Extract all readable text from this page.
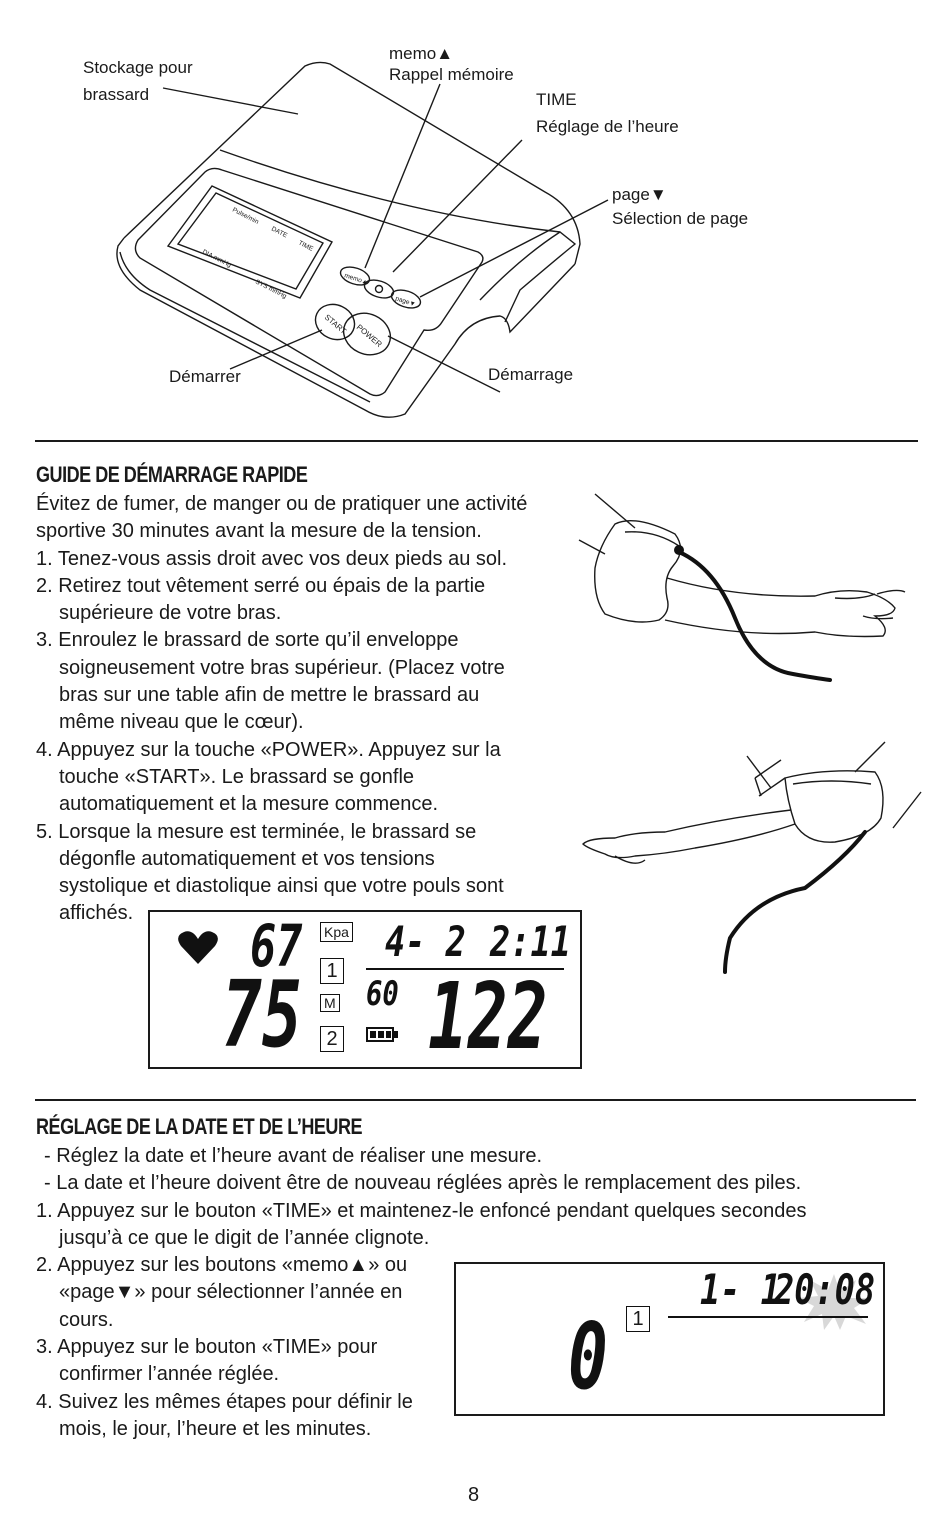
Pulse/min
DATE
TIME
DIA mmHg
SYS mmHg	memo▲
page▼
START POWER
Stockage pour
brassard
memo▲
Rappel mémoire
TIME
Réglage de l’heure
page▼
Sélection de page
Démarrer	Démarrage
GUIDE DE DÉMARRAGE RAPIDE
Évitez de fumer, de manger ou de pratiquer une activité
sportive 30 minutes avant la mesure de la tension.
1. Tenez-vous assis droit avec vos deux pieds au sol.
2. Retirez tout vêtement serré ou épais de la partie
supérieure de votre bras.
3. Enroulez le brassard de sorte qu’il enveloppe
soigneusement votre bras supérieur. (Placez votre
bras sur une table afin de mettre le brassard au
même niveau que le cœur).
4. Appuyez sur la touche «POWER». Appuyez sur la
touche «START». Le brassard se gonfle
automatiquement et la mesure commence.
5. Lorsque la mesure est terminée, le brassard se
dégonfle automatiquement et vos tensions
systolique et diastolique ainsi que votre pouls sont
affichés.	67 Kpa 4- 2 2:11
1
M
2
75 60 122
RÉGLAGE DE LA DATE ET DE L’HEURE
- Réglez la date et l’heure avant de réaliser une mesure.
- La date et l’heure doivent être de nouveau réglées après le remplacement des piles.
1. Appuyez sur le bouton «TIME» et maintenez-le enfoncé pendant quelques secondes
jusqu’à ce que le digit de l’année clignote.
2. Appuyez sur les boutons «memo▲» ou
«page▼» pour sélectionner l’année en
cours.
3. Appuyez sur le bouton «TIME» pour
confirmer l’année réglée.
4. Suivez les mêmes étapes pour définir le
mois, le jour, l’heure et les minutes.
1- 1
20:08
1
0
8
